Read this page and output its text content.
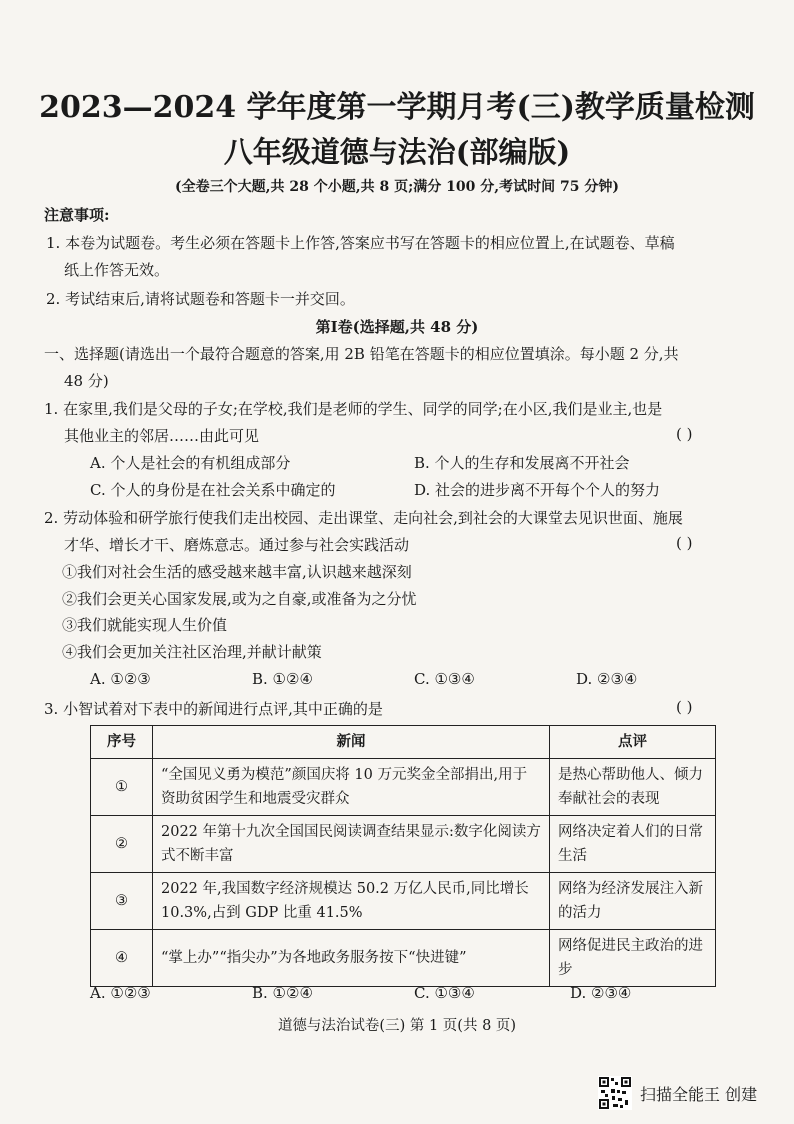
2023—2024 学年度第一学期月考(三)教学质量检测
八年级道德与法治(部编版)
(全卷三个大题,共 28 个小题,共 8 页;满分 100 分,考试时间 75 分钟)
注意事项:
1. 本卷为试题卷。考生必须在答题卡上作答,答案应书写在答题卡的相应位置上,在试题卷、草稿
纸上作答无效。
2. 考试结束后,请将试题卷和答题卡一并交回。
第Ⅰ卷(选择题,共 48 分)
一、选择题(请选出一个最符合题意的答案,用 2B 铅笔在答题卡的相应位置填涂。每小题 2 分,共
48 分)
1. 在家里,我们是父母的子女;在学校,我们是老师的学生、同学的同学;在小区,我们是业主,也是
其他业主的邻居……由此可见	( )
A. 个人是社会的有机组成部分	B. 个人的生存和发展离不开社会
C. 个人的身份是在社会关系中确定的	D. 社会的进步离不开每个个人的努力
2. 劳动体验和研学旅行使我们走出校园、走出课堂、走向社会,到社会的大课堂去见识世面、施展
才华、增长才干、磨炼意志。通过参与社会实践活动	( )
①我们对社会生活的感受越来越丰富,认识越来越深刻
②我们会更关心国家发展,或为之自豪,或准备为之分忧
③我们就能实现人生价值
④我们会更加关注社区治理,并献计献策
A. ①②③	B. ①②④	C. ①③④	D. ②③④
3. 小智试着对下表中的新闻进行点评,其中正确的是	( )
序号	新闻	点评
①	“全国见义勇为模范”颜国庆将 10 万元奖金全部捐出,用于资助贫困学生和地震受灾群众	是热心帮助他人、倾力奉献社会的表现
②	2022 年第十九次全国国民阅读调查结果显示:数字化阅读方式不断丰富	网络决定着人们的日常生活
③	2022 年,我国数字经济规模达 50.2 万亿人民币,同比增长 10.3%,占到 GDP 比重 41.5%	网络为经济发展注入新的活力
④	“掌上办”“指尖办”为各地政务服务按下“快进键”	网络促进民主政治的进步
A. ①②③	B. ①②④	C. ①③④	D. ②③④
道德与法治试卷(三) 第 1 页(共 8 页)
扫描全能王 创建
